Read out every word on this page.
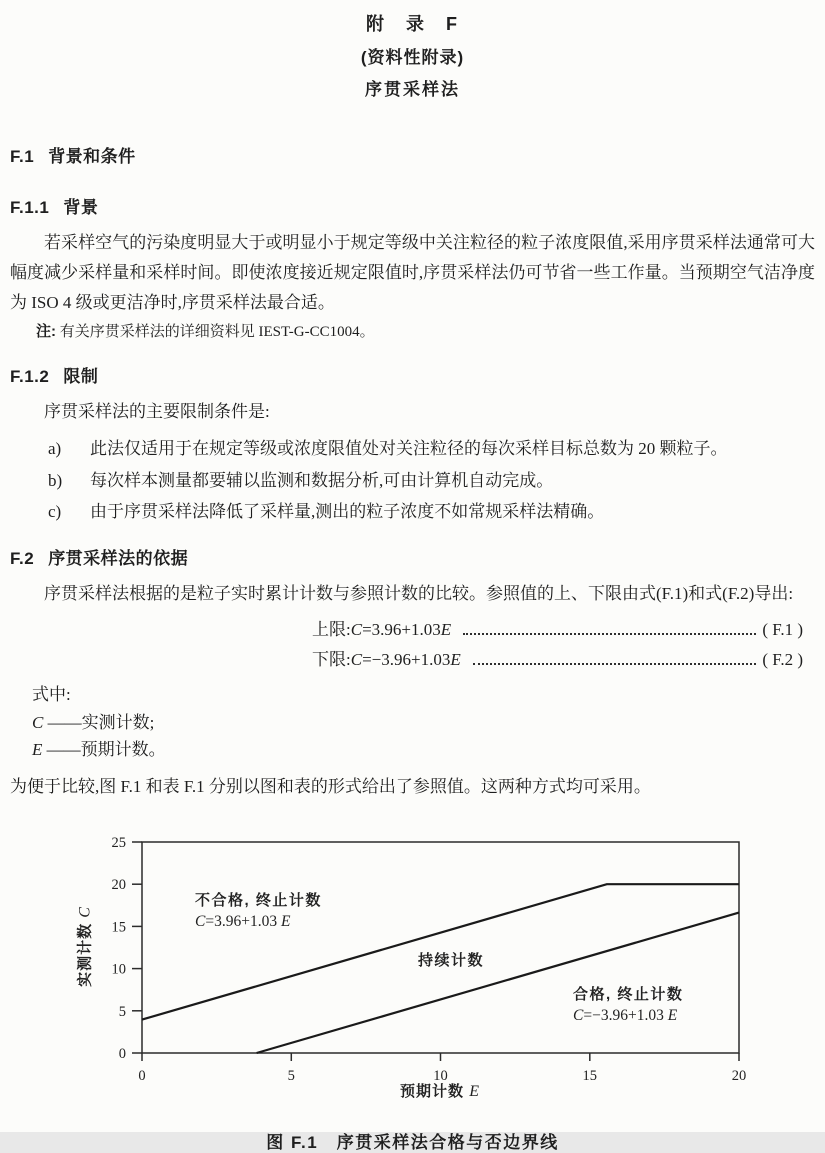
附　录　F
(资料性附录)
序贯采样法
F.1 背景和条件
F.1.1 背景
若采样空气的污染度明显大于或明显小于规定等级中关注粒径的粒子浓度限值,采用序贯采样法通常可大幅度减少采样量和采样时间。即使浓度接近规定限值时,序贯采样法仍可节省一些工作量。当预期空气洁净度为 ISO 4 级或更洁净时,序贯采样法最合适。
注: 有关序贯采样法的详细资料见 IEST-G-CC1004。
F.1.2 限制
序贯采样法的主要限制条件是:
a)	此法仅适用于在规定等级或浓度限值处对关注粒径的每次采样目标总数为 20 颗粒子。
b)	每次样本测量都要辅以监测和数据分析,可由计算机自动完成。
c)	由于序贯采样法降低了采样量,测出的粒子浓度不如常规采样法精确。
F.2 序贯采样法的依据
序贯采样法根据的是粒子实时累计计数与参照计数的比较。参照值的上、下限由式(F.1)和式(F.2)导出:
上限:C=3.96+1.03E	( F.1 )
下限:C=−3.96+1.03E	( F.2 )
式中:
C ——实测计数;
E ——预期计数。
为便于比较,图 F.1 和表 F.1 分别以图和表的形式给出了参照值。这两种方式均可采用。
0
5
10
15
20
25
0	5	10	15	20
不合格, 终止计数
C=3.96+1.03 E
持续计数
合格, 终止计数
C=−3.96+1.03 E
实测计数 C
预期计数 E
图 F.1　序贯采样法合格与否边界线
